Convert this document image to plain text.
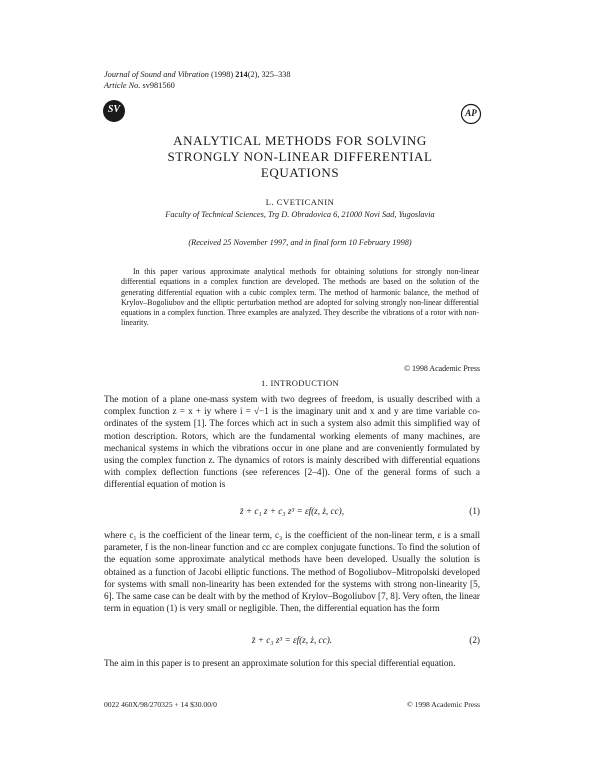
Journal of Sound and Vibration (1998) 214(2), 325–338
Article No. sv981560
SV	AP
ANALYTICAL METHODS FOR SOLVING
STRONGLY NON-LINEAR DIFFERENTIAL
EQUATIONS
L. CVETICANIN
Faculty of Technical Sciences, Trg D. Obradovica 6, 21000 Novi Sad, Yugoslavia
(Received 25 November 1997, and in final form 10 February 1998)

In this paper various approximate analytical methods for obtaining solutions for strongly non-linear differential equations in a complex function are developed. The methods are based on the solution of the generating differential equation with a cubic complex term. The method of harmonic balance, the method of Krylov–Bogoliubov and the elliptic perturbation method are adopted for solving strongly non-linear differential equations in a complex function. Three examples are analyzed. They describe the vibrations of a rotor with non-linearity.

© 1998 Academic Press
1. INTRODUCTION

The motion of a plane one-mass system with two degrees of freedom, is usually described with a complex function z = x + iy where i = √−1 is the imaginary unit and x and y are time variable co-ordinates of the system [1]. The forces which act in such a system also admit this simplified way of motion description. Rotors, which are the fundamental working elements of many machines, are mechanical systems in which the vibrations occur in one plane and are conveniently formulated by using the complex function z. The dynamics of rotors is mainly described with differential equations with complex deflection functions (see references [2–4]). One of the general forms of such a differential equation of motion is

z̈ + c₁ z + c₃ z³ = εf(z, ż, cc),	(1)

where c₁ is the coefficient of the linear term, c₃ is the coefficient of the non-linear term, ε is a small parameter, f is the non-linear function and cc are complex conjugate functions. To find the solution of the equation some approximate analytical methods have been developed. Usually the solution is obtained as a function of Jacobi elliptic functions. The method of Bogoliubov–Mitropolski developed for systems with small non-linearity has been extended for the systems with strong non-linearity [5, 6]. The same case can be dealt with by the method of Krylov–Bogoliubov [7, 8]. Very often, the linear term in equation (1) is very small or negligible. Then, the differential equation has the form

z̈ + c₃ z³ = εf(z, ż, cc).	(2)

The aim in this paper is to present an approximate solution for this special differential equation.

0022 460X/98/270325 + 14 $30.00/0	© 1998 Academic Press
